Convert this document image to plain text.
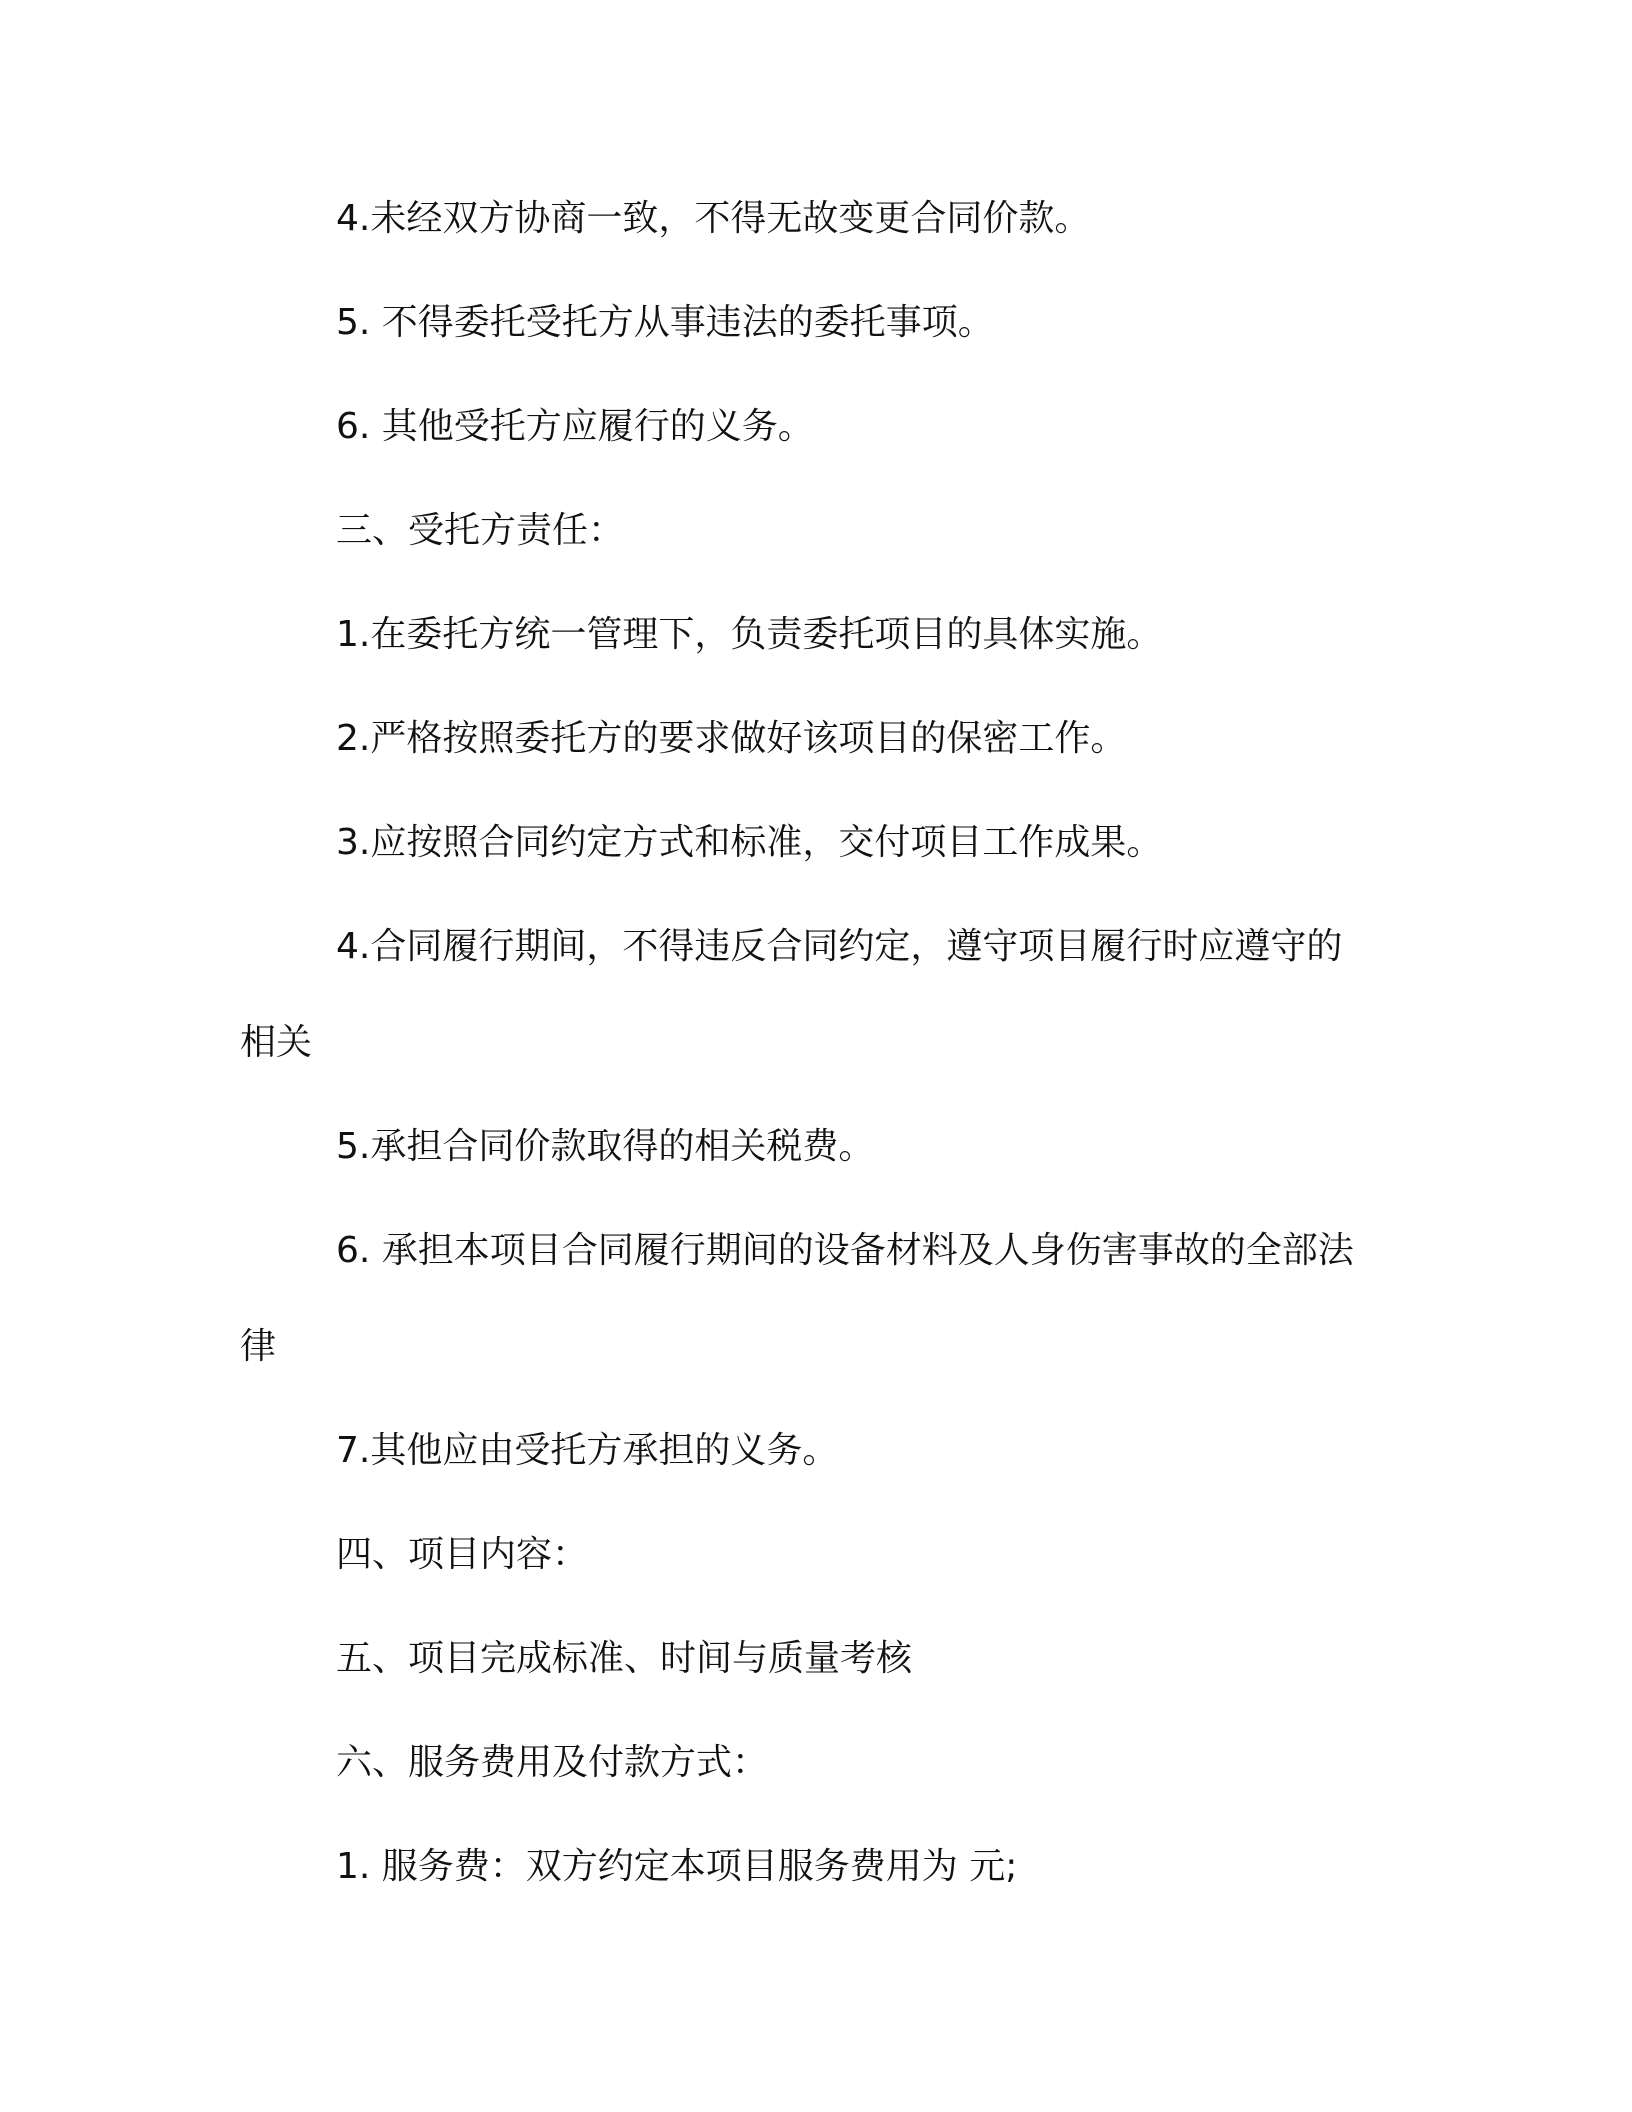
4.未经双方协商一致，不得无故变更合同价款。

5. 不得委托受托方从事违法的委托事项。

6. 其他受托方应履行的义务。

三、受托方责任：

1.在委托方统一管理下，负责委托项目的具体实施。

2.严格按照委托方的要求做好该项目的保密工作。

3.应按照合同约定方式和标准，交付项目工作成果。

4.合同履行期间，不得违反合同约定，遵守项目履行时应遵守的

相关

5.承担合同价款取得的相关税费。

6. 承担本项目合同履行期间的设备材料及人身伤害事故的全部法

律

7.其他应由受托方承担的义务。

四、项目内容：

五、项目完成标准、时间与质量考核

六、服务费用及付款方式：

1. 服务费：双方约定本项目服务费用为 元;
